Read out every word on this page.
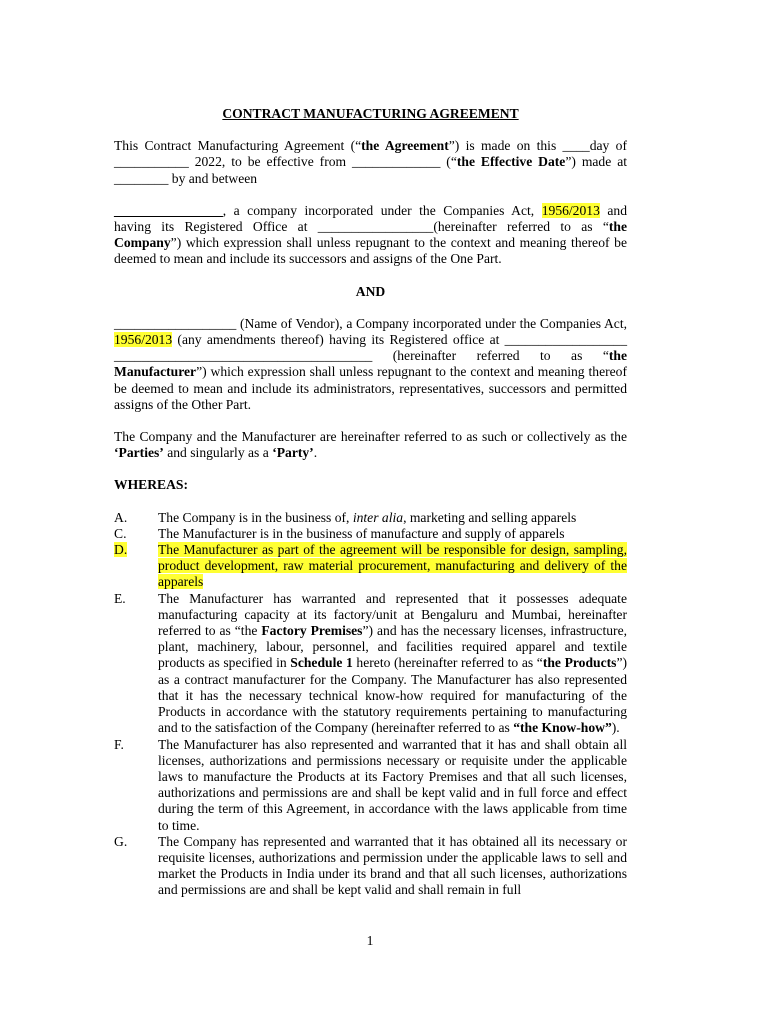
CONTRACT MANUFACTURING AGREEMENT

This Contract Manufacturing Agreement (“the Agreement”) is made on this ____day of ___________ 2022, to be effective from _____________ (“the Effective Date”) made at ________ by and between

________________, a company incorporated under the Companies Act, 1956/2013 and having its Registered Office at _________________(hereinafter referred to as “the Company”) which expression shall unless repugnant to the context and meaning thereof be deemed to mean and include its successors and assigns of the One Part.

AND

__________________ (Name of Vendor), a Company incorporated under the Companies Act, 1956/2013 (any amendments thereof) having its Registered office at __________________ ______________________________________ (hereinafter referred to as “the Manufacturer”) which expression shall unless repugnant to the context and meaning thereof be deemed to mean and include its administrators, representatives, successors and permitted assigns of the Other Part.

The Company and the Manufacturer are hereinafter referred to as such or collectively as the ‘Parties’ and singularly as a ‘Party’.

WHEREAS:
A.	The Company is in the business of, inter alia, marketing and selling apparels
C.	The Manufacturer is in the business of manufacture and supply of apparels
D.	The Manufacturer as part of the agreement will be responsible for design, sampling, product development, raw material procurement, manufacturing and delivery of the apparels
E.	The Manufacturer has warranted and represented that it possesses adequate manufacturing capacity at its factory/unit at Bengaluru and Mumbai, hereinafter referred to as “the Factory Premises”) and has the necessary licenses, infrastructure, plant, machinery, labour, personnel, and facilities required apparel and textile products as specified in Schedule 1 hereto (hereinafter referred to as “the Products”) as a contract manufacturer for the Company. The Manufacturer has also represented that it has the necessary technical know-how required for manufacturing of the Products in accordance with the statutory requirements pertaining to manufacturing and to the satisfaction of the Company (hereinafter referred to as “the Know-how”).
F.	The Manufacturer has also represented and warranted that it has and shall obtain all licenses, authorizations and permissions necessary or requisite under the applicable laws to manufacture the Products at its Factory Premises and that all such licenses, authorizations and permissions are and shall be kept valid and in full force and effect during the term of this Agreement, in accordance with the laws applicable from time to time.
G.	The Company has represented and warranted that it has obtained all its necessary or requisite licenses, authorizations and permission under the applicable laws to sell and market the Products in India under its brand and that all such licenses, authorizations and permissions are and shall be kept valid and shall remain in full
1
